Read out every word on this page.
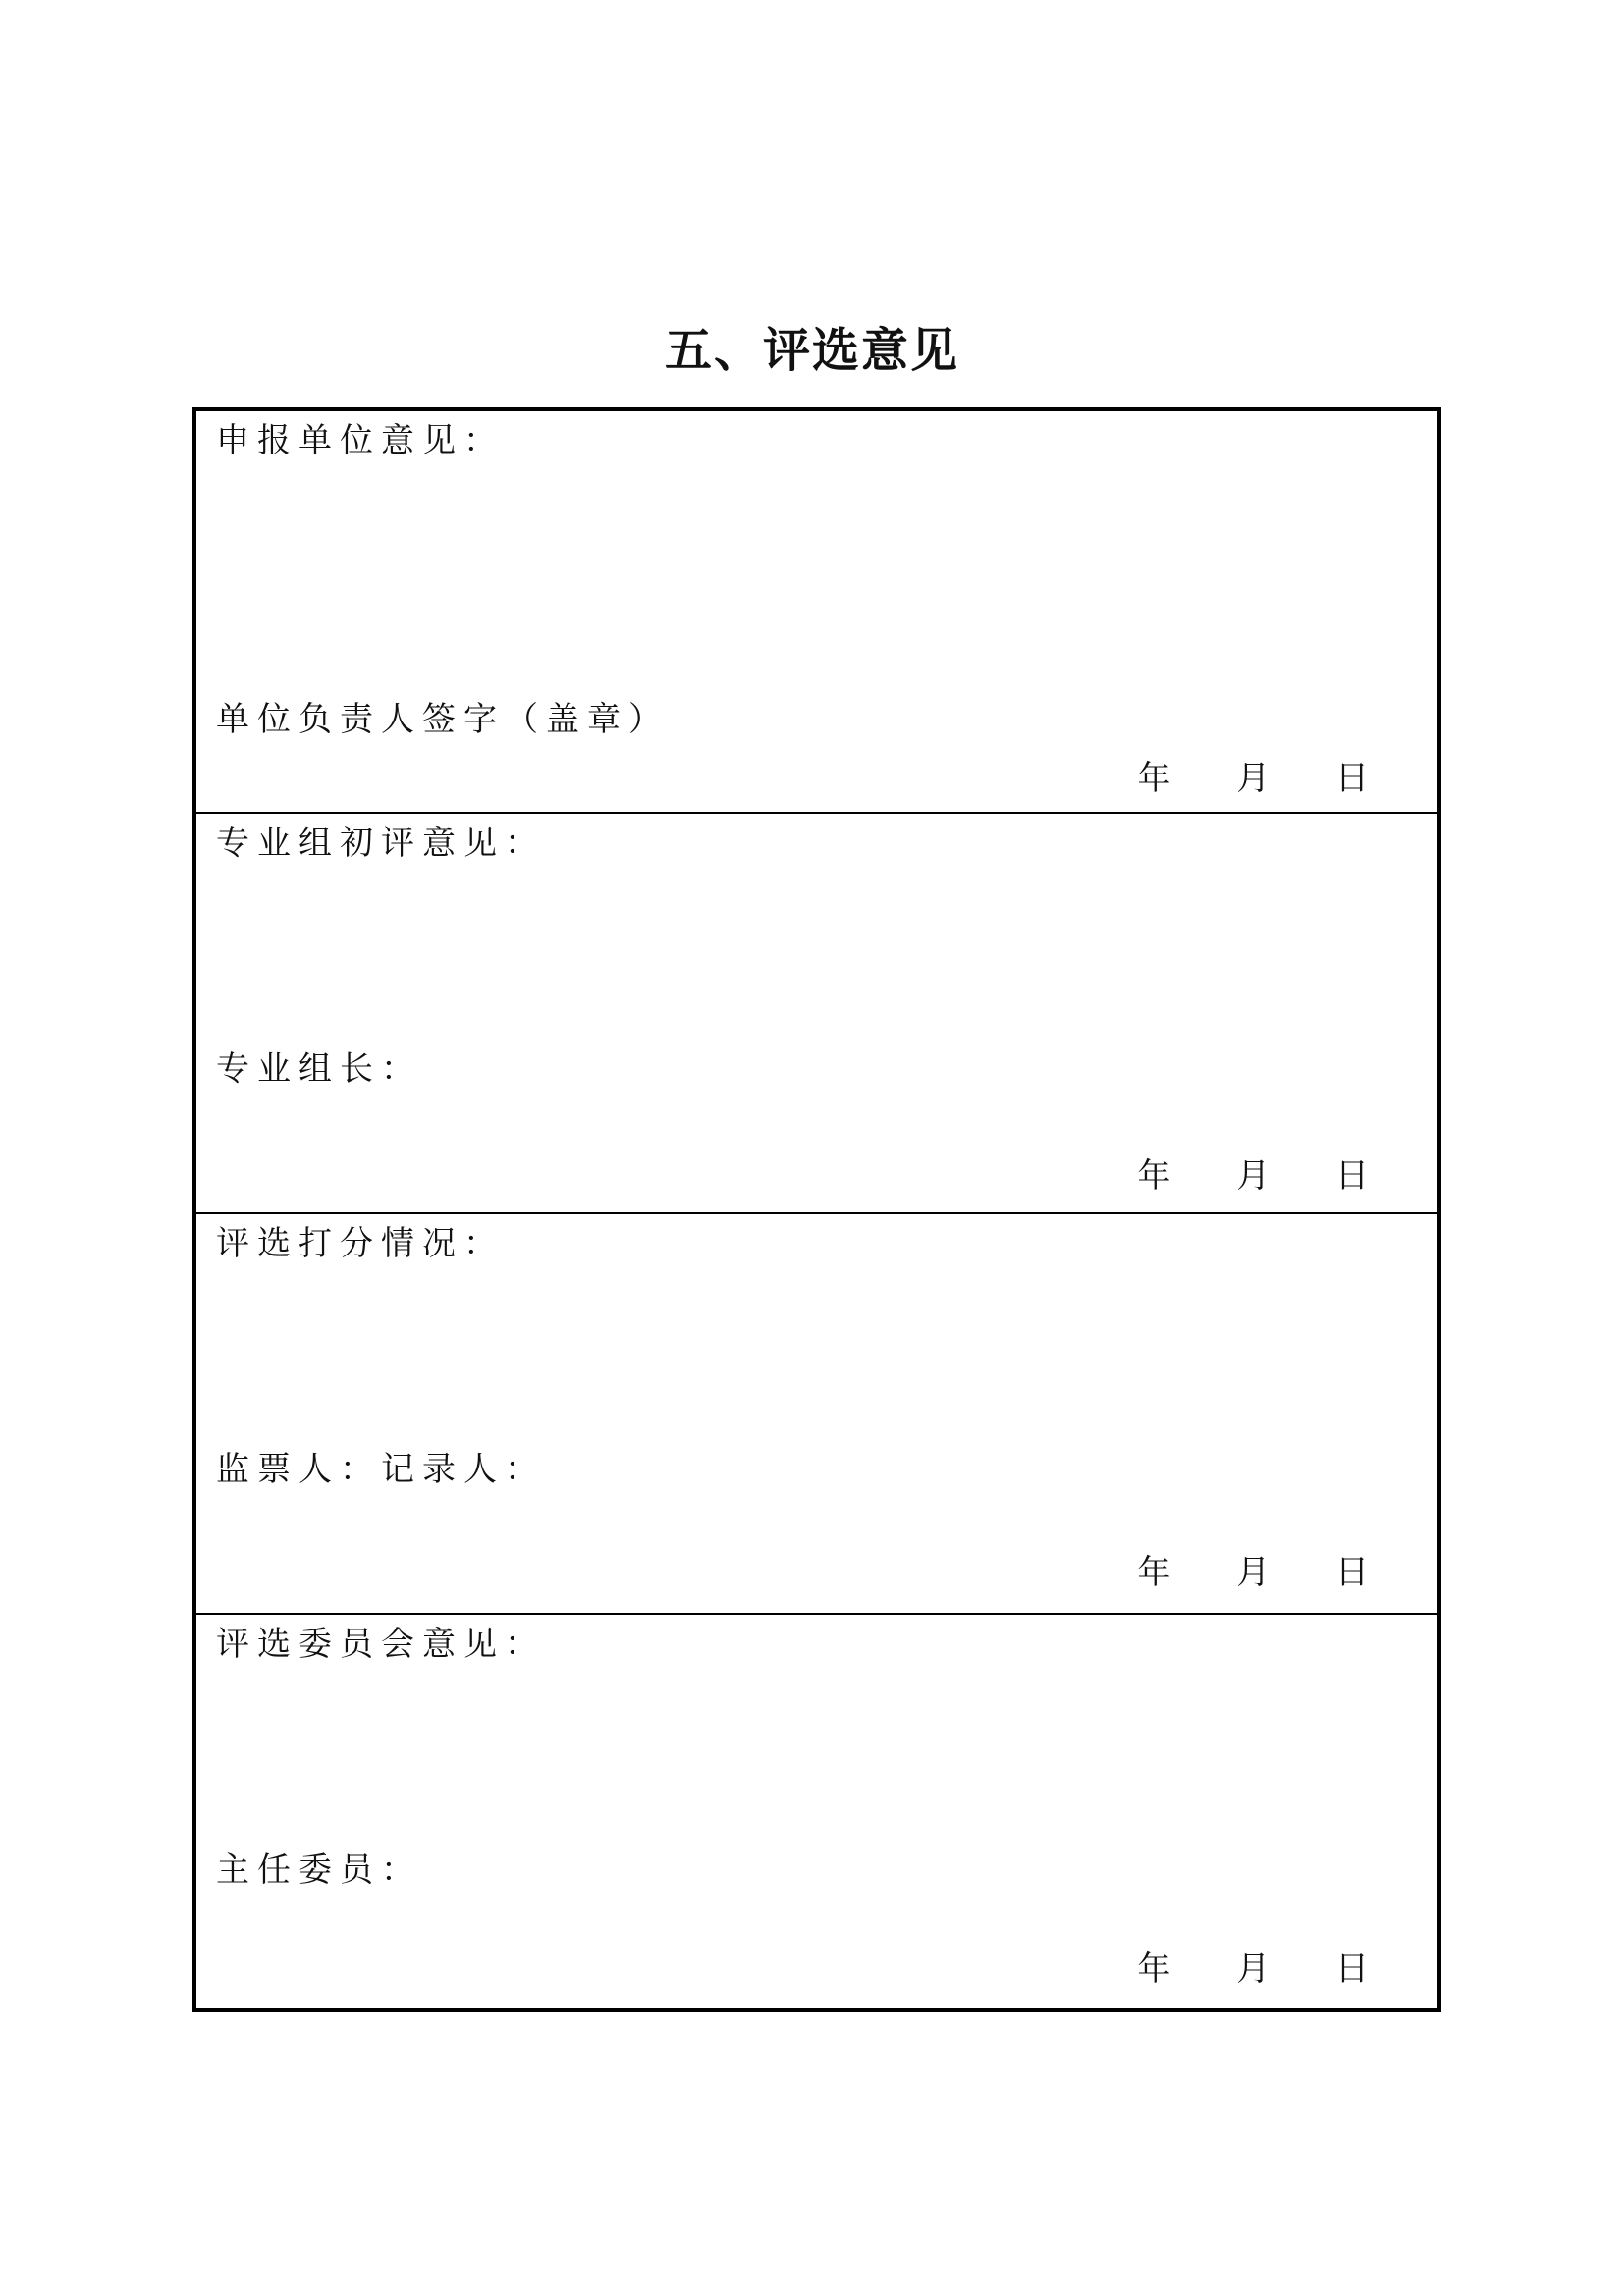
五、评选意见
申报单位意见：
单位负责人签字（盖章）
年 月 日
专业组初评意见：
专业组长：
年 月 日
评选打分情况：
监票人：记录人：
年 月 日
评选委员会意见：
主任委员：
年 月 日
